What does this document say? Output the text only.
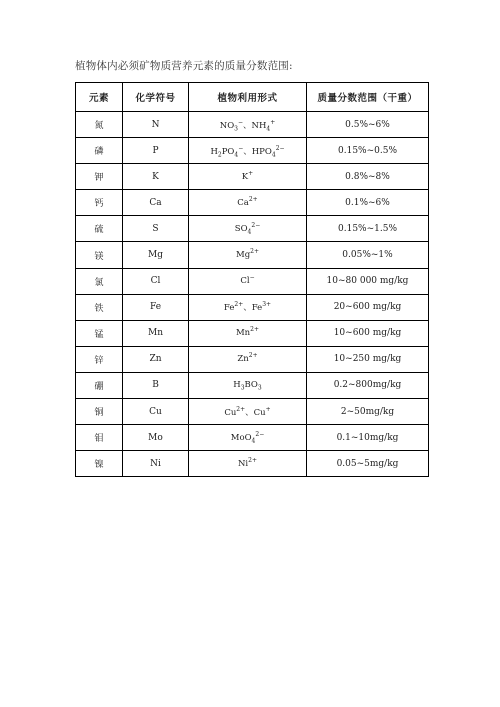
植物体内必须矿物质营养元素的质量分数范围:
元素	化学符号	植物利用形式	质量分数范围（干重）
氮	N	$NO_3^-$、$NH_4^+$	0.5%~6%
磷	P	$H_2PO_4^-$、$HPO_4^{2-}$	0.15%~0.5%
钾	K	K+	0.8%~8%
钙	Ca	$Ca^{2+}$	0.1%~6%
硫	S	$SO_4^{2-}$	0.15%~1.5%
镁	Mg	$Mg^{2+}$	0.05%~1%
氯	Cl	Cl−	10~80 000 mg/kg
铁	Fe	$Fe^{2+}$、$Fe^{3+}$	20~600 mg/kg
锰	Mn	$Mn^{2+}$	10~600 mg/kg
锌	Zn	$Zn^{2+}$	10~250 mg/kg
硼	B	$H_3BO_3$	0.2~800mg/kg
铜	Cu	$Cu^{2+}$、Cu+	2~50mg/kg
钼	Mo	MoO$_4^{2-}$	0.1~10mg/kg
镍	Ni	$Ni^{2+}$	0.05~5mg/kg
